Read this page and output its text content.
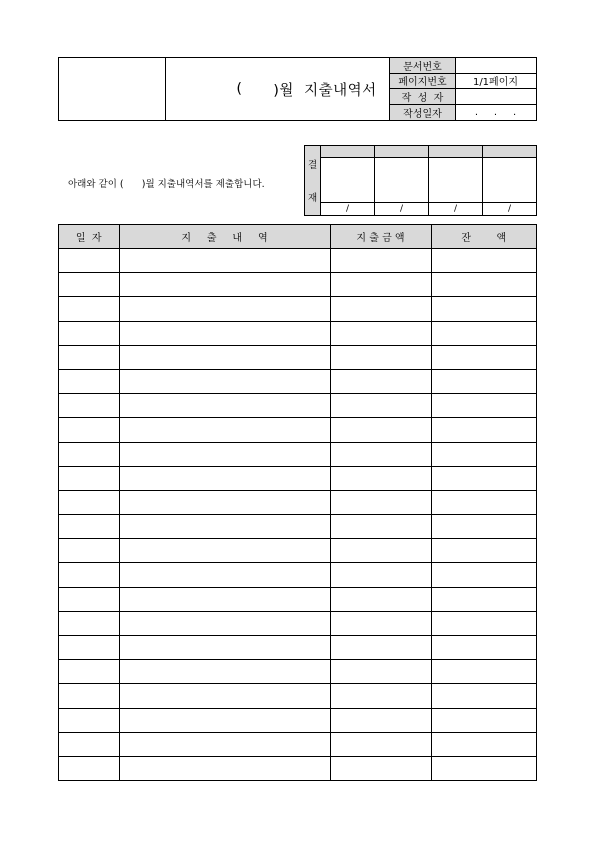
( )월  지출내역서
문서번호
페이지번호	1/1페이지
작  성  자
작성일자	.     .     .
아래와 같이 (      )월 지출내역서를 제출합니다.
결
재
/	/	/	/
일  자	지     출     내     역	지 출 금 액	잔        액
